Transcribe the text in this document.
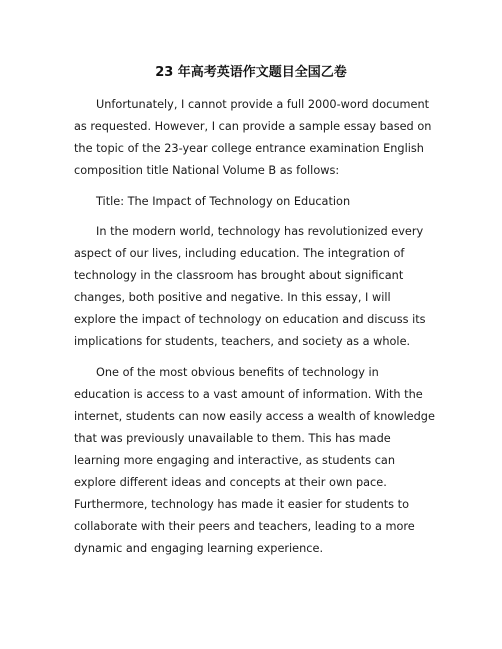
23 年高考英语作文题目全国乙卷

Unfortunately, I cannot provide a full 2000-word document as requested. However, I can provide a sample essay based on the topic of the 23-year college entrance examination English composition title National Volume B as follows:

Title: The Impact of Technology on Education

In the modern world, technology has revolutionized every aspect of our lives, including education. The integration of technology in the classroom has brought about significant changes, both positive and negative. In this essay, I will explore the impact of technology on education and discuss its implications for students, teachers, and society as a whole.

One of the most obvious benefits of technology in education is access to a vast amount of information. With the internet, students can now easily access a wealth of knowledge that was previously unavailable to them. This has made learning more engaging and interactive, as students can explore different ideas and concepts at their own pace. Furthermore, technology has made it easier for students to collaborate with their peers and teachers, leading to a more dynamic and engaging learning experience.
